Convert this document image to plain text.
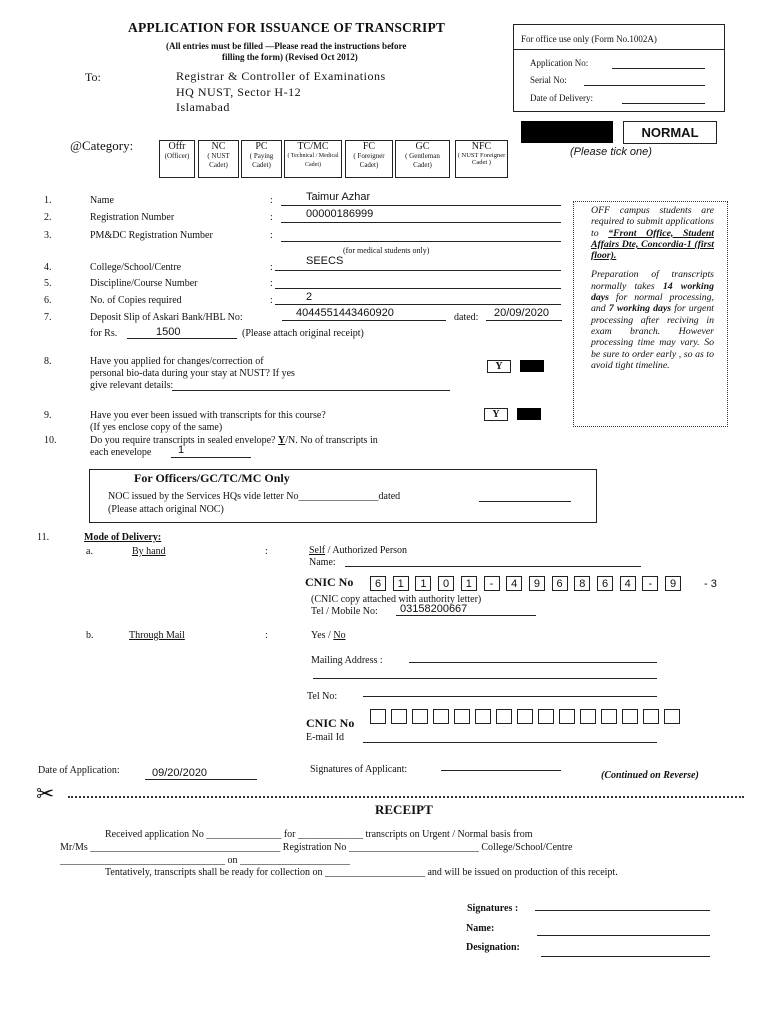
APPLICATION FOR ISSUANCE OF TRANSCRIPT
(All entries must be filled —Please read the instructions before
filling the form) (Revised Oct 2012)
To:	Registrar & Controller of Examinations
HQ NUST, Sector H-12
Islamabad
For office use only (Form No.1002A)
Application No:
Serial No:
Date of Delivery:
@Category:	Offr
(Officer)
NC
( NUST Cadet)
PC
( Paying Cadet)
TC/MC
( Technical / Medical Cadet)
FC
( Foreigner Cadet)
GC
( Gentleman Cadet)
NFC
( NUST Foreigner Cadet )
NORMAL
(Please tick one)
1.	Name	:	Taimur Azhar
2.	Registration Number	:	00000186999
3.	PM&DC Registration Number	:
(for medical students only)
4.	College/School/Centre	:
SEECS
5.	Discipline/Course Number	:
6.	No. of Copies required	:	2
7.	Deposit Slip of Askari Bank/HBL No:	4044551443460920	dated: 20/09/2020
for Rs.	1500	(Please attach original receipt)
8.	Have you applied for changes/correction of
personal bio-data during your stay at NUST? If yes
give relevant details:
Y
9.	Have you ever been issued with transcripts for this course?
(If yes enclose copy of the same)
Y
10.	Do you require transcripts in sealed envelope? Y/N. No of transcripts in
each enevelope 1
OFF campus students are required to submit applications to “Front Office, Student Affairs Dte, Concordia-1 (first floor).
Preparation of transcripts normally takes 14 working days for normal processing, and 7 working days for urgent processing after reciving in exam branch. However processing time may vary. So be sure to order early , so as to avoid tight timeline.
For Officers/GC/TC/MC Only
NOC issued by the Services HQs vide letter No________________dated
(Please attach original NOC)
11.	Mode of Delivery:
a.	By hand	:	Self / Authorized Person
Name:
CNIC No	6	1	1	0	1	-	4	9	6	8	6	4	-	9	- 3
(CNIC copy attached with authority letter)
Tel / Mobile No: 03158200667
b.	Through Mail	:	Yes / No
Mailing Address :
Tel No:
CNIC No
E-mail Id
Date of Application:	09/20/2020	Signatures of Applicant:
(Continued on Reverse)
✂
RECEIPT
Received application No _______________ for _____________ transcripts on Urgent / Normal basis from
Mr/Ms ______________________________________ Registration No __________________________ College/School/Centre
_________________________________ on ______________________
Tentatively, transcripts shall be ready for collection on ____________________ and will be issued on production of this receipt.
Signatures :
Name:
Designation:
